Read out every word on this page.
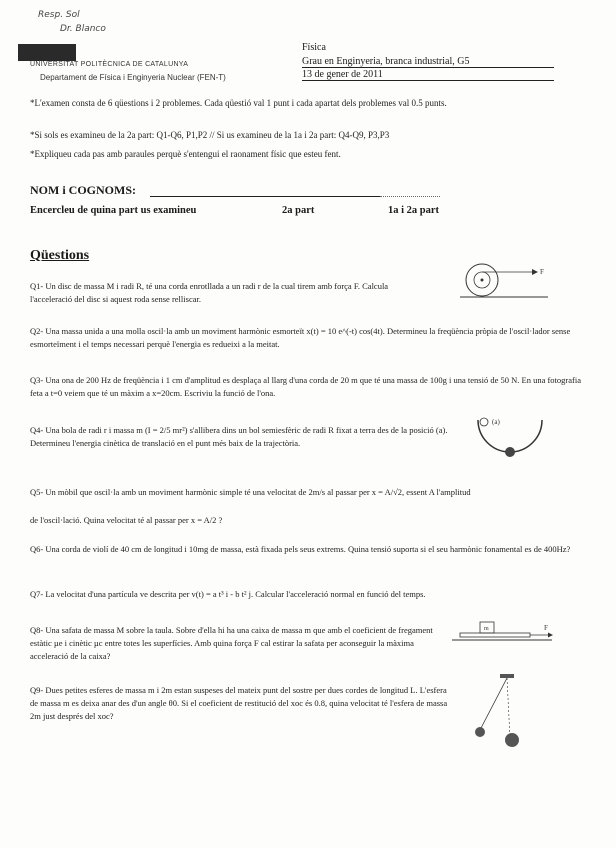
Resp. Sol
Dr. Blanco
UNIVERSITAT POLITÈCNICA DE CATALUNYA
Departament de Física i Enginyeria Nuclear (FEN-T)
Física
Grau en Enginyeria, branca industrial, G5
13 de gener de 2011
*L'examen consta de 6 qüestions i 2 problemes. Cada qüestió val 1 punt i cada apartat dels problemes val 0.5 punts.
*Si sols es examineu de la 2a part: Q1-Q6, P1,P2 // Si us examineu de la 1a i 2a part: Q4-Q9, P3,P3
*Expliqueu cada pas amb paraules perquè s'entengui el raonament físic que esteu fent.
NOM i COGNOMS:
Encercleu de quina part us examineu	2a part	1a i 2a part
Qüestions
Q1- Un disc de massa M i radi R, té una corda enrotllada a un radi r de la cual tirem amb força F. Calcula l'acceleració del disc si aquest roda sense relliscar.
F
Q2- Una massa unida a una molla oscil·la amb un moviment harmònic esmorteït x(t) = 10 e^(-t) cos(4t). Determineu la freqüència pròpia de l'oscil·lador sense esmorteïment i el temps necessari perquè l'energia es redueixi a la meitat.
Q3- Una ona de 200 Hz de freqüència i 1 cm d'amplitud es desplaça al llarg d'una corda de 20 m que té una massa de 100g i una tensió de 50 N. En una fotografia feta a t=0 veiem que té un màxim a x=20cm. Escriviu la funció de l'ona.
Q4- Una bola de radi r i massa m (I = 2/5 mr²) s'allibera dins un bol semiesfèric de radi R fixat a terra des de la posició (a). Determineu l'energia cinètica de translació en el punt més baix de la trajectòria.
(a)
Q5- Un mòbil que oscil·la amb un moviment harmònic simple té una velocitat de 2m/s al passar per x = A/√2, essent A l'amplitud
de l'oscil·lació. Quina velocitat té al passar per x = A/2 ?
Q6- Una corda de violí de 40 cm de longitud i 10mg de massa, està fixada pels seus extrems. Quina tensió suporta si el seu harmònic fonamental es de 400Hz?
Q7- La velocitat d'una partícula ve descrita per v(t) = a t³ i - b t² j. Calcular l'acceleració normal en funció del temps.
Q8- Una safata de massa M sobre la taula. Sobre d'ella hi ha una caixa de massa m que amb el coeficient de fregament estàtic µe i cinètic µc entre totes les superfícies. Amb quina força F cal estirar la safata per aconseguir la màxima acceleració de la caixa?
m	F
Q9- Dues petites esferes de massa m i 2m estan suspeses del mateix punt del sostre per dues cordes de longitud L. L'esfera de massa m es deixa anar des d'un angle θ0. Si el coeficient de restitució del xoc és 0.8, quina velocitat té l'esfera de massa 2m just després del xoc?
